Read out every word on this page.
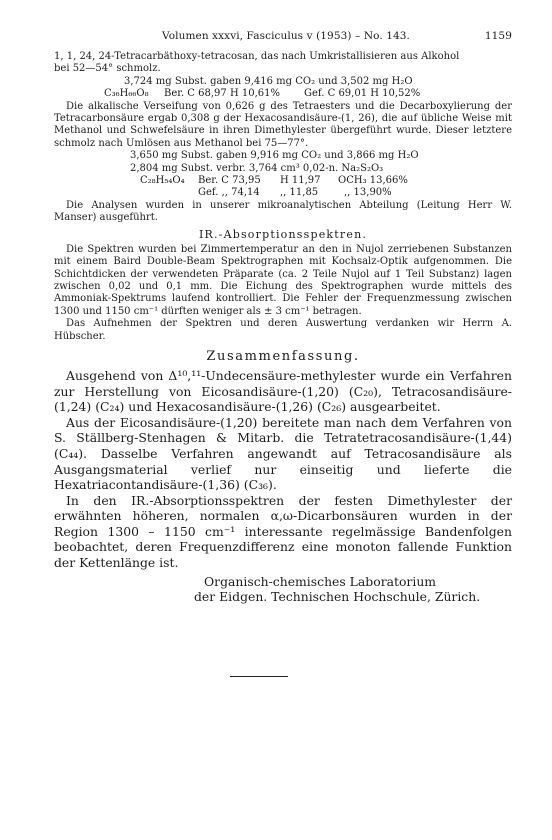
Volumen xxxvi, Fasciculus v (1953) – No. 143.	1159

1, 1, 24, 24-Tetracarbäthoxy-tetracosan, das nach Umkristallisieren aus Alkohol

bei 52—54° schmolz.

3,724 mg Subst. gaben 9,416 mg CO₂ und 3,502 mg H₂O

C₃₆H₆₆O₈	Ber. C 68,97 H 10,61%	Gef. C 69,01 H 10,52%

Die alkalische Verseifung von 0,626 g des Tetraesters und die Decarboxylierung der Tetracarbonsäure ergab 0,308 g der Hexacosandisäure-(1, 26), die auf übliche Weise mit Methanol und Schwefelsäure in ihren Dimethylester übergeführt wurde. Dieser letztere schmolz nach Umlösen aus Methanol bei 75—77°.

3,650 mg Subst. gaben 9,916 mg CO₂ und 3,866 mg H₂O

2,804 mg Subst. verbr. 3,764 cm³ 0,02-n. Na₂S₂O₃

C₂₈H₅₄O₄	Ber. C 73,95	H 11,97	OCH₃ 13,66%
Gef. ,, 74,14	,, 11,85	,, 13,90%

Die Analysen wurden in unserer mikroanalytischen Abteilung (Leitung Herr W. Manser) ausgeführt.

IR.-Absorptionsspektren.

Die Spektren wurden bei Zimmertemperatur an den in Nujol zerriebenen Substanzen mit einem Baird Double-Beam Spektrographen mit Kochsalz-Optik aufgenommen. Die Schichtdicken der verwendeten Präparate (ca. 2 Teile Nujol auf 1 Teil Substanz) lagen zwischen 0,02 und 0,1 mm. Die Eichung des Spektrographen wurde mittels des Ammoniak-Spektrums laufend kontrolliert. Die Fehler der Frequenzmessung zwischen 1300 und 1150 cm⁻¹ dürften weniger als ± 3 cm⁻¹ betragen.

Das Aufnehmen der Spektren und deren Auswertung verdanken wir Herrn A. Hübscher.

Zusammenfassung.

Ausgehend von Δ¹⁰,¹¹-Undecensäure-methylester wurde ein Verfahren zur Herstellung von Eicosandisäure-(1,20) (C₂₀), Tetracosandisäure-(1,24) (C₂₄) und Hexacosandisäure-(1,26) (C₂₆) ausgearbeitet.

Aus der Eicosandisäure-(1,20) bereitete man nach dem Verfahren von S. Ställberg-Stenhagen & Mitarb. die Tetratetracosandisäure-(1,44) (C₄₄). Dasselbe Verfahren angewandt auf Tetracosandisäure als Ausgangsmaterial verlief nur einseitig und lieferte die Hexatriacontandisäure-(1,36) (C₃₆).

In den IR.-Absorptionsspektren der festen Dimethylester der erwähnten höheren, normalen α,ω-Dicarbonsäuren wurden in der Region 1300 – 1150 cm⁻¹ interessante regelmässige Bandenfolgen beobachtet, deren Frequenzdifferenz eine monoton fallende Funktion der Kettenlänge ist.

Organisch-chemisches Laboratorium

der Eidgen. Technischen Hochschule, Zürich.
